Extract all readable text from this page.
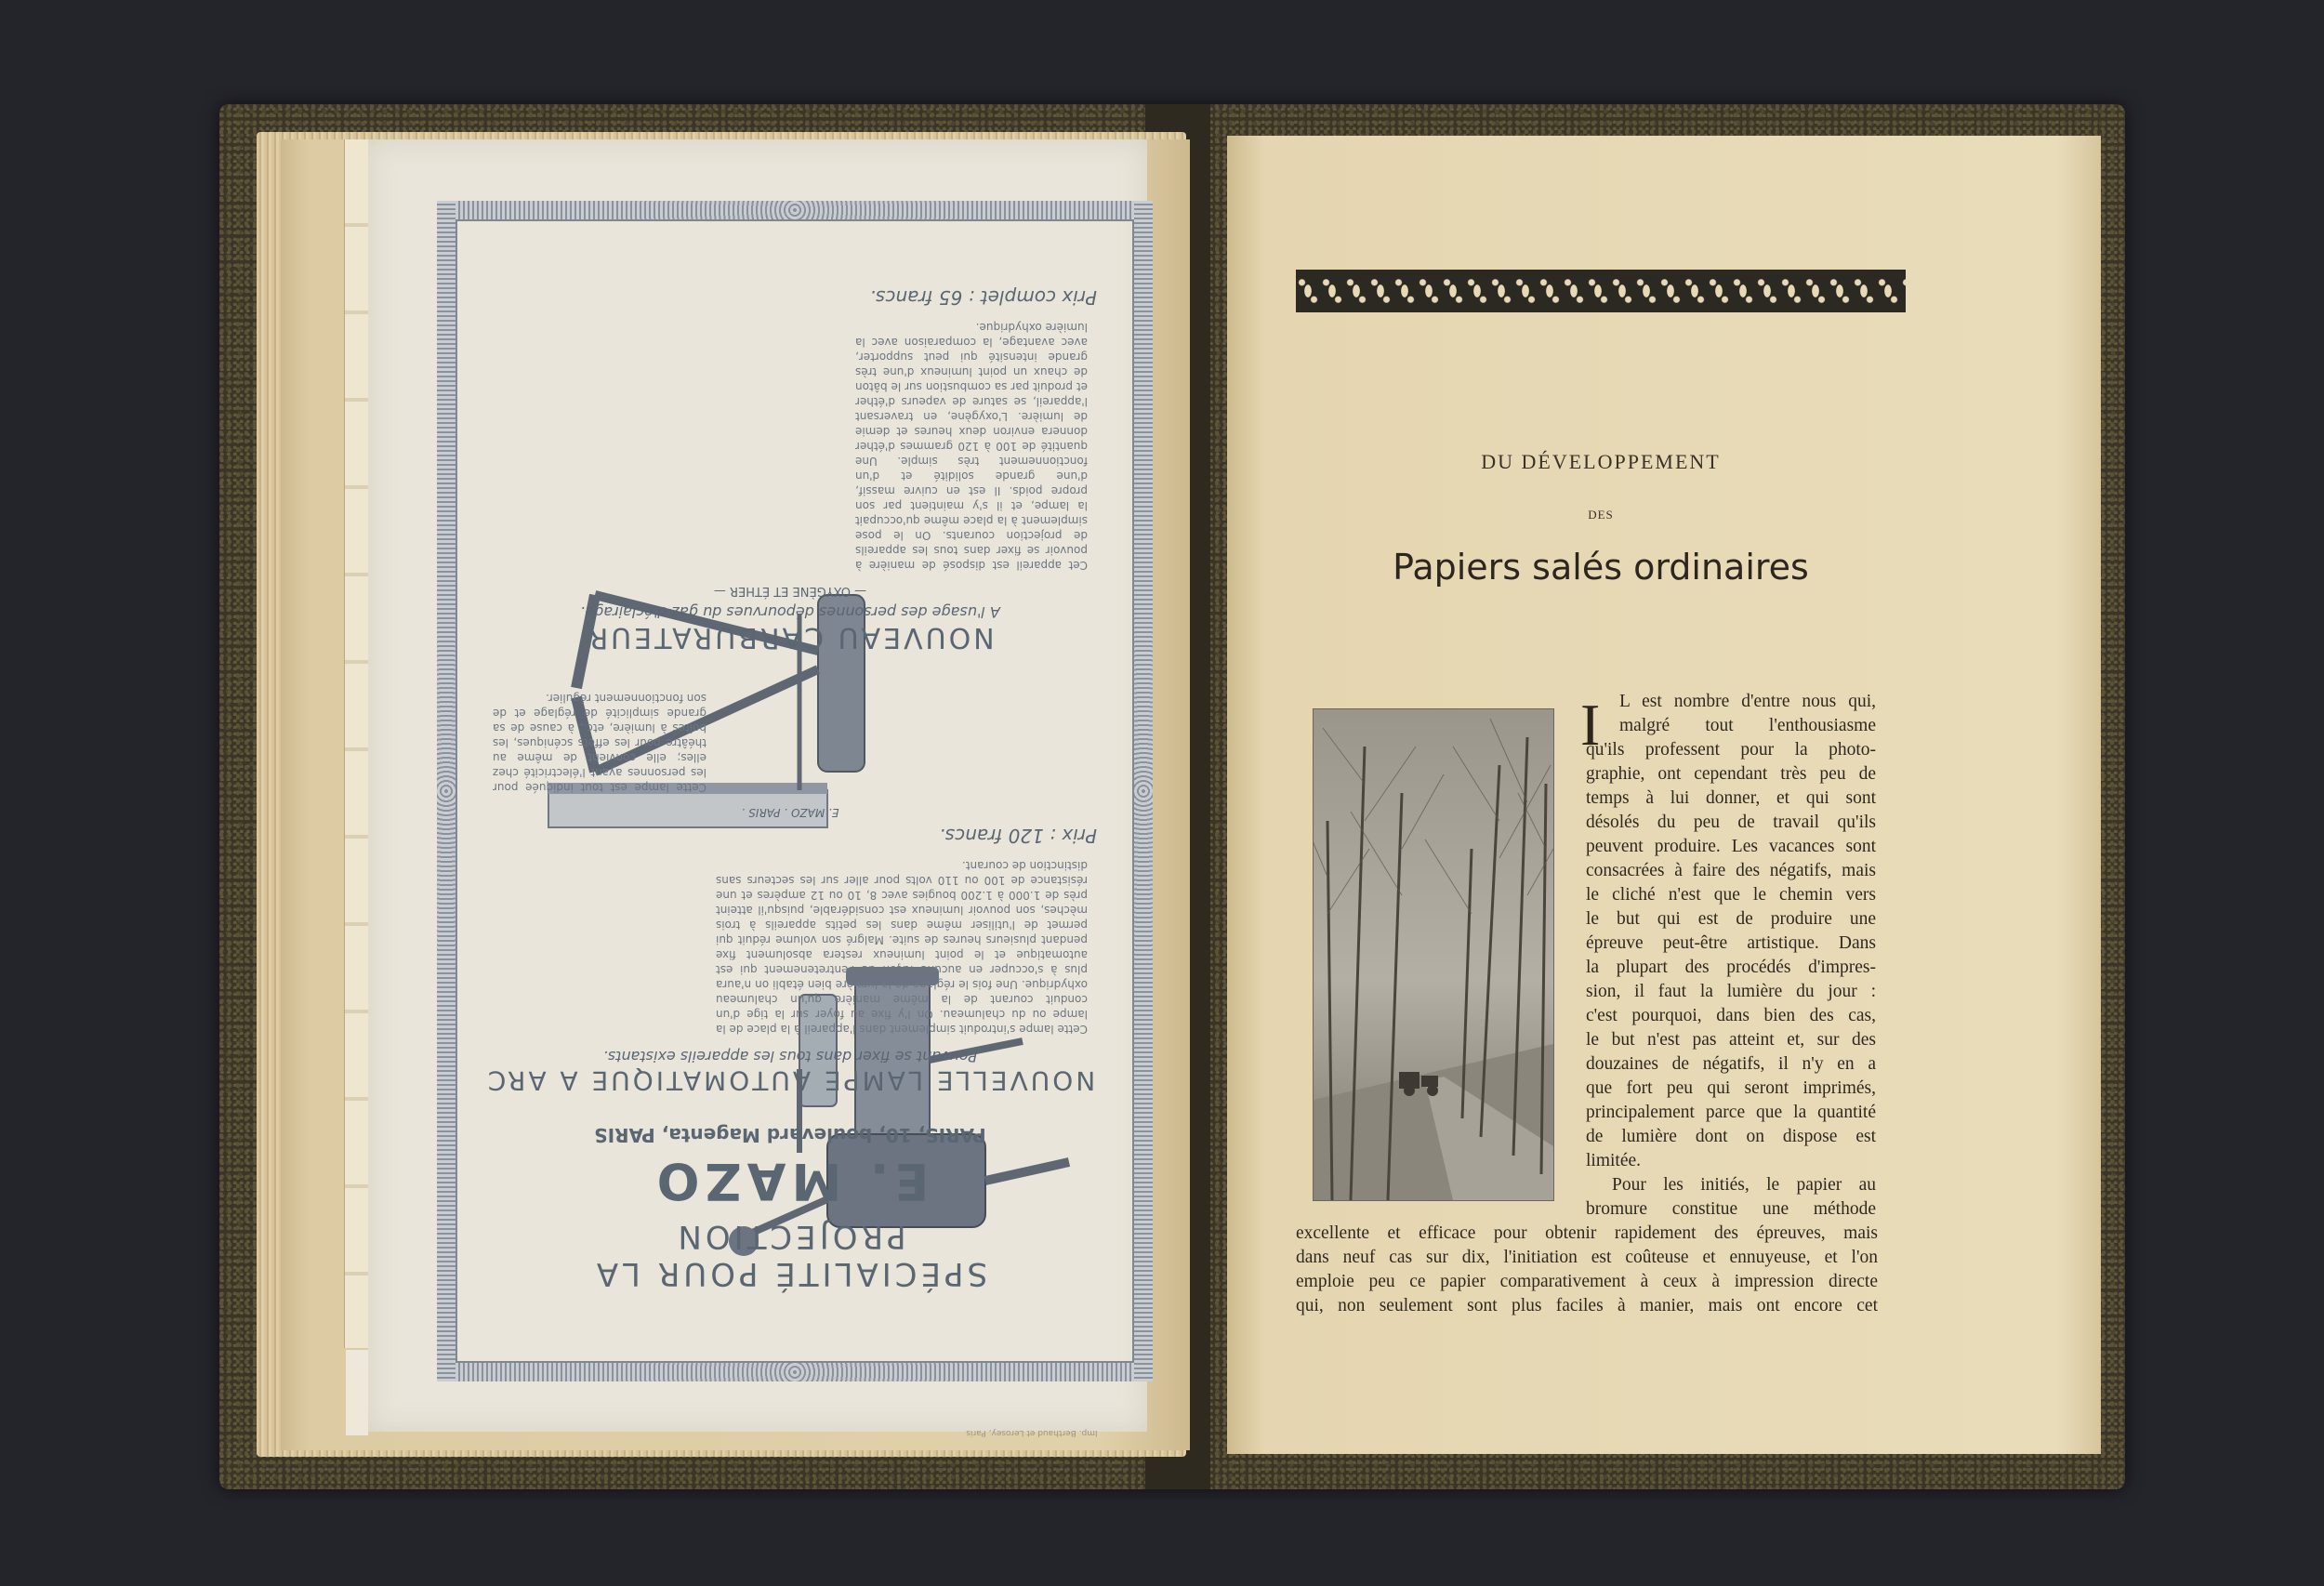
SPÉCIALITÉ POUR LA PROJECTION
E. MAZO
PARIS, 10, boulevard Magenta, PARIS
NOUVELLE LAMPE AUTOMATIQUE A ARC
Pouvant se fixer dans tous les appareils existants.
Cette lampe s'introduit simplement dans l'appareil à la place de la lampe ou du chalumeau. On l'y fixe au foyer sur la tige d'un conduit courant de la même manière qu'un chalumeau oxhydrique. Une fois le réglage de la lumière bien établi on n'aura plus à s'occuper en aucune façon de l'entretenement qui est automatique et le point lumineux restera absolument fixe pendant plusieurs heures de suite. Malgré son volume réduit qui permet de l'utiliser même dans les petits appareils à trois mèches, son pouvoir lumineux est considérable, puisqu'il atteint près de 1.000 à 1.200 bougies avec 8, 10 ou 12 ampères et une résistance de 100 ou 110 volts pour aller sur les secteurs sans distinction de courant.
Prix : 120 francs.
E. MAZO . PARIS .
Cette lampe est tout indiquée pour les personnes ayant l'électricité chez elles; elle convient de même au théâtre pour les effets scéniques, les boîtes à lumière, etc., à cause de sa grande simplicité de réglage et de son fonctionnement régulier.
NOUVEAU CARBURATEUR
A l'usage des personnes dépourvues du gaz d'éclairage.
— OXYGÈNE ET ÉTHER —
Cet appareil est disposé de manière à pouvoir se fixer dans tous les appareils de projection courants. On le pose simplement à la place même qu'occupait la lampe, et il s'y maintient par son propre poids. Il est en cuivre massif, d'une grande solidité et d'un fonctionnement très simple. Une quantité de 100 à 120 grammes d'éther donnera environ deux heures et demie de lumière. L'oxygène, en traversant l'appareil, se sature de vapeurs d'éther et produit par sa combustion sur le bâton de chaux un point lumineux d'une très grande intensité qui peut supporter, avec avantage, la comparaison avec la lumière oxhydrique.
Prix complet : 65 francs.
Imp. Berthaud et Lerosey, Paris
DU DÉVELOPPEMENT
DES
Papiers salés ordinaires
I	L est nombre d'entre nous qui,
malgré tout l'enthousiasme
qu'ils professent pour la photo-
graphie, ont cependant très peu de
temps à lui donner, et qui sont
désolés du peu de travail qu'ils
peuvent produire. Les vacances sont
consacrées à faire des négatifs, mais
le cliché n'est que le chemin vers
le but qui est de produire une
épreuve peut-être artistique. Dans
la plupart des procédés d'impres-
sion, il faut la lumière du jour :
c'est pourquoi, dans bien des cas,
le but n'est pas atteint et, sur des
douzaines de négatifs, il n'y en a
que fort peu qui seront imprimés,
principalement parce que la quantité
de lumière dont on dispose est
limitée.
Pour les initiés, le papier au
bromure constitue une méthode
excellente et efficace pour obtenir rapidement des épreuves, mais
dans neuf cas sur dix, l'initiation est coûteuse et ennuyeuse, et l'on
emploie peu ce papier comparativement à ceux à impression directe
qui, non seulement sont plus faciles à manier, mais ont encore cet
